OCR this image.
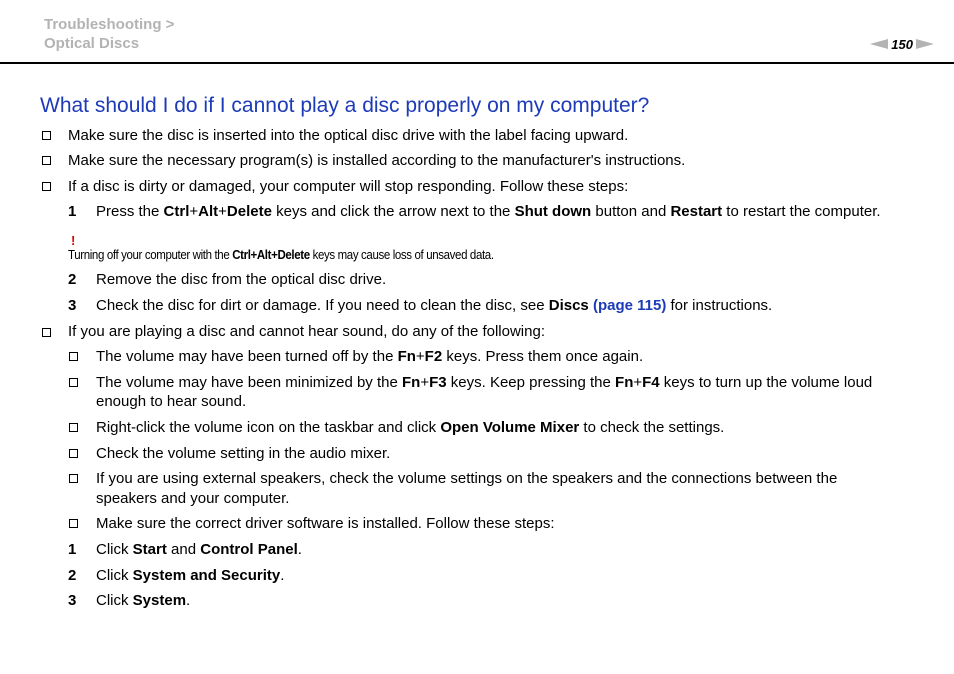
Troubleshooting >
Optical Discs	150
What should I do if I cannot play a disc properly on my computer?
Make sure the disc is inserted into the optical disc drive with the label facing upward.
Make sure the necessary program(s) is installed according to the manufacturer's instructions.
If a disc is dirty or damaged, your computer will stop responding. Follow these steps:
1 Press the Ctrl+Alt+Delete keys and click the arrow next to the Shut down button and Restart to restart the computer.
!
Turning off your computer with the Ctrl+Alt+Delete keys may cause loss of unsaved data.
2 Remove the disc from the optical disc drive.
3 Check the disc for dirt or damage. If you need to clean the disc, see Discs (page 115) for instructions.
If you are playing a disc and cannot hear sound, do any of the following:
The volume may have been turned off by the Fn+F2 keys. Press them once again.
The volume may have been minimized by the Fn+F3 keys. Keep pressing the Fn+F4 keys to turn up the volume loud
enough to hear sound.
Right-click the volume icon on the taskbar and click Open Volume Mixer to check the settings.
Check the volume setting in the audio mixer.
If you are using external speakers, check the volume settings on the speakers and the connections between the
speakers and your computer.
Make sure the correct driver software is installed. Follow these steps:
1 Click Start and Control Panel.
2 Click System and Security.
3 Click System.
